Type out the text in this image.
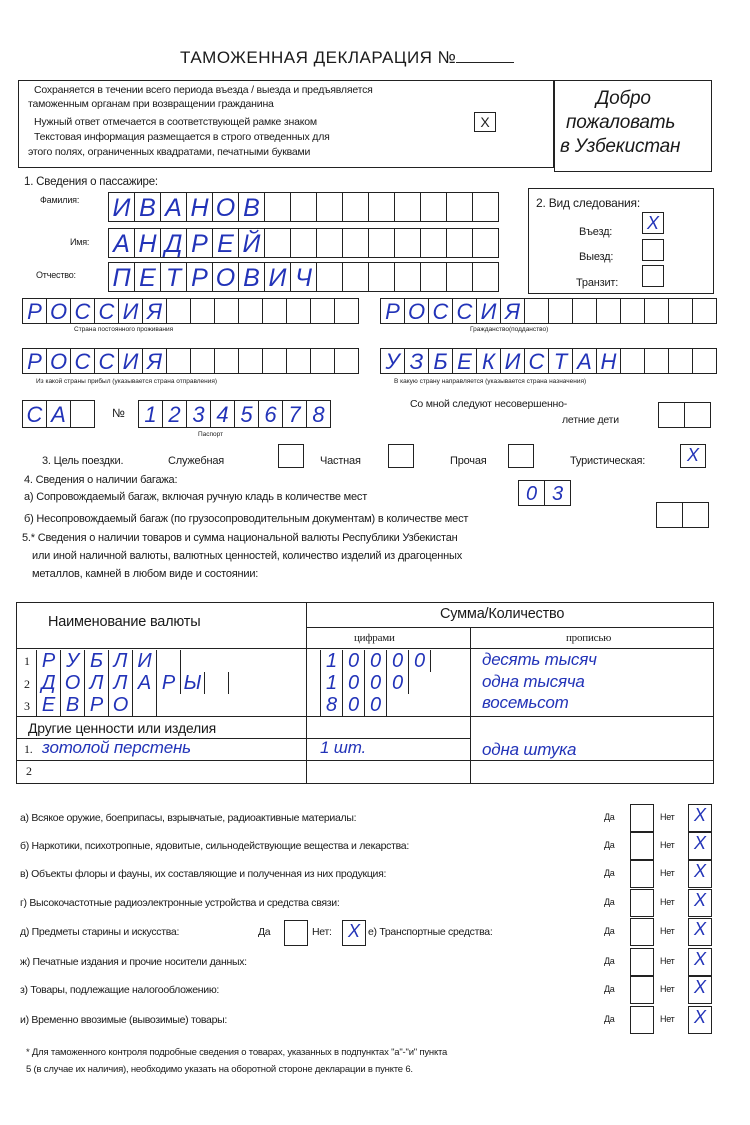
ТАМОЖЕННАЯ ДЕКЛАРАЦИЯ №
Сохраняется в течении всего периода въезда / выезда и предъявляется
таможенным органам при возвращении гражданина
Нужный ответ отмечается в соответствующей рамке знаком	X
Текстовая информация размещается в строго отведенных для
этого полях, ограниченных квадратами, печатными буквами
Добро
пожаловать
в Узбекистан
1. Сведения о пассажире:
Фамилия: И В А Н О В
Имя: А Н Д Р Е Й
Отчество: П Е Т Р О В И Ч
2. Вид следования:
Въезд: X
Выезд:
Транзит:
Р О С С И Я
Страна постоянного проживания
Р О С С И Я
Гражданство(подданство)
Р О С С И Я
Из какой страны прибыл (указывается страна отправления)
У З Б Е К И С Т А Н
В какую страну направляется (указывается страна назначения)
С А	№ 1 2 3 4 5 6 7 8
Паспорт
Со мной следуют несовершенно-
летние дети
3. Цель поездки.	Служебная	Частная	Прочая	Туристическая:	X
4. Сведения о наличии багажа:
а) Сопровождаемый багаж, включая ручную кладь в количестве мест	0 3
б) Несопровождаемый багаж (по грузосопроводительным документам) в количестве мест
5.* Сведения о наличии товаров и сумма национальной валюты Республики Узбекистан
или иной наличной валюты, валютных ценностей, количество изделий из драгоценных
металлов, камней в любом виде и состоянии:
Наименование валюты	Сумма/Количество
цифрами	прописью
1 Р У Б Л И	1 0 0 0 0	десять тысяч
2 Д О Л Л А Р Ы	1 0 0 0	одна тысяча
3 Е В Р О	8 0 0	восемьсот
Другие ценности или изделия
1. зотолой перстень	1 шт.	одна штука
2
а) Всякое оружие, боеприпасы, взрывчатые, радиоактивные материалы:	Да	Нет	X
б) Наркотики, психотропные, ядовитые, сильнодействующие вещества и лекарства:	Да	Нет	X
в) Объекты флоры и фауны, их составляющие и полученная из них продукция:	Да	Нет	X
г) Высокочастотные радиоэлектронные устройства и средства связи:	Да	Нет	X
д) Предметы старины и искусства:	Да	Нет: X е) Транспортные средства:	Да	Нет	X
ж) Печатные издания и прочие носители данных:	Да	Нет	X
з) Товары, подлежащие налогообложению:	Да	Нет	X
и) Временно ввозимые (вывозимые) товары:	Да	Нет	X
* Для таможенного контроля подробные сведения о товарах, указанных в подпунктах "а"-"и" пункта
5 (в случае их наличия), необходимо указать на оборотной стороне декларации в пункте 6.
